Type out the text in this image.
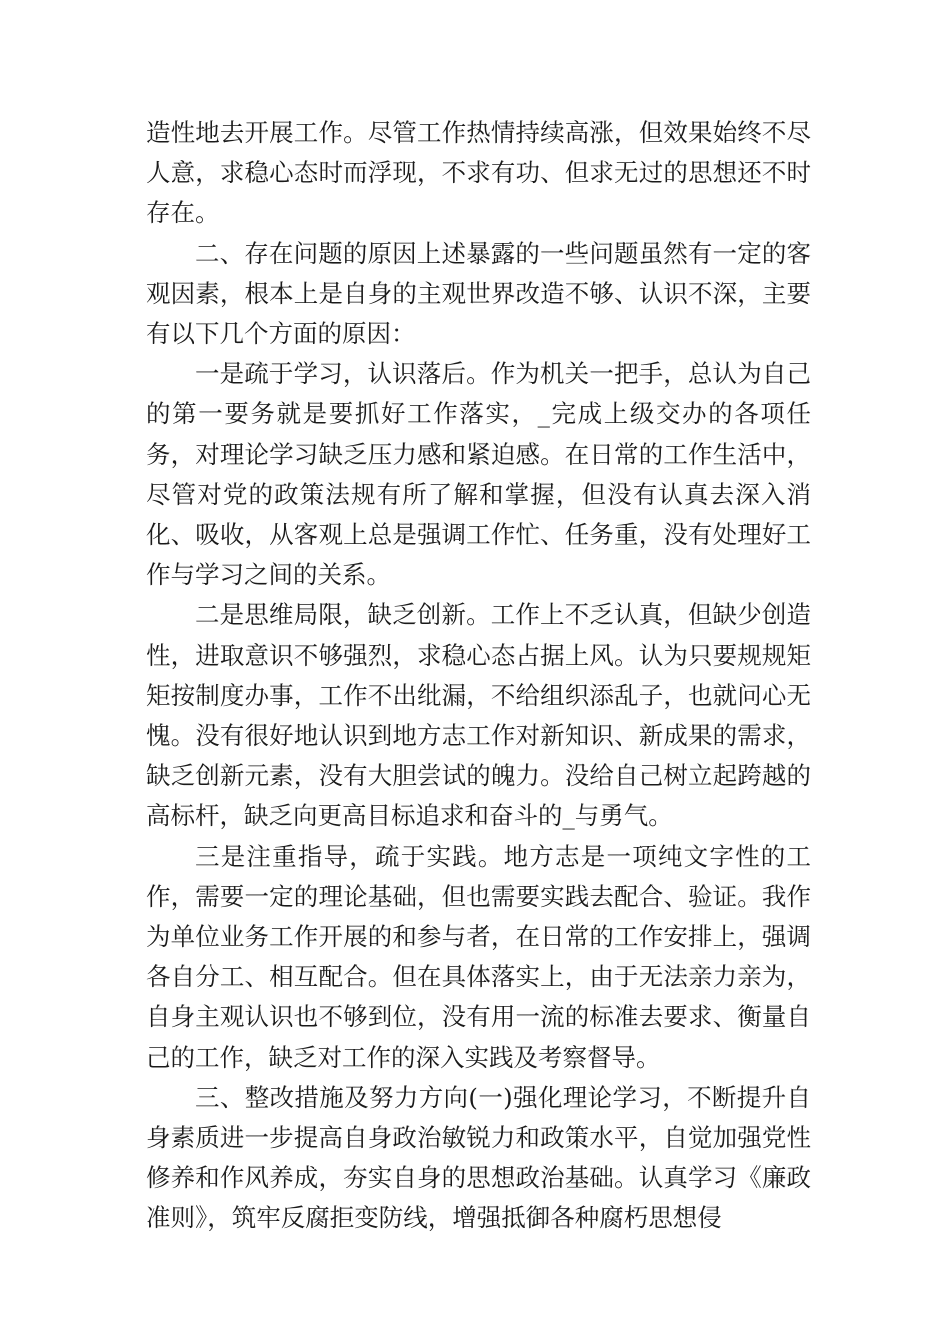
造性地去开展工作。尽管工作热情持续高涨，但效果始终不尽人意，求稳心态时而浮现，不求有功、但求无过的思想还不时存在。

二、存在问题的原因上述暴露的一些问题虽然有一定的客观因素，根本上是自身的主观世界改造不够、认识不深，主要有以下几个方面的原因：

一是疏于学习，认识落后。作为机关一把手，总认为自己的第一要务就是要抓好工作落实，_完成上级交办的各项任务，对理论学习缺乏压力感和紧迫感。在日常的工作生活中，尽管对党的政策法规有所了解和掌握，但没有认真去深入消化、吸收，从客观上总是强调工作忙、任务重，没有处理好工作与学习之间的关系。

二是思维局限，缺乏创新。工作上不乏认真，但缺少创造性，进取意识不够强烈，求稳心态占据上风。认为只要规规矩矩按制度办事，工作不出纰漏，不给组织添乱子，也就问心无愧。没有很好地认识到地方志工作对新知识、新成果的需求，缺乏创新元素，没有大胆尝试的魄力。没给自己树立起跨越的高标杆，缺乏向更高目标追求和奋斗的_与勇气。

三是注重指导，疏于实践。地方志是一项纯文字性的工作，需要一定的理论基础，但也需要实践去配合、验证。我作为单位业务工作开展的和参与者，在日常的工作安排上，强调各自分工、相互配合。但在具体落实上，由于无法亲力亲为，自身主观认识也不够到位，没有用一流的标准去要求、衡量自己的工作，缺乏对工作的深入实践及考察督导。

三、整改措施及努力方向(一)强化理论学习，不断提升自身素质进一步提高自身政治敏锐力和政策水平，自觉加强党性修养和作风养成，夯实自身的思想政治基础。认真学习《廉政准则》，筑牢反腐拒变防线，增强抵御各种腐朽思想侵
